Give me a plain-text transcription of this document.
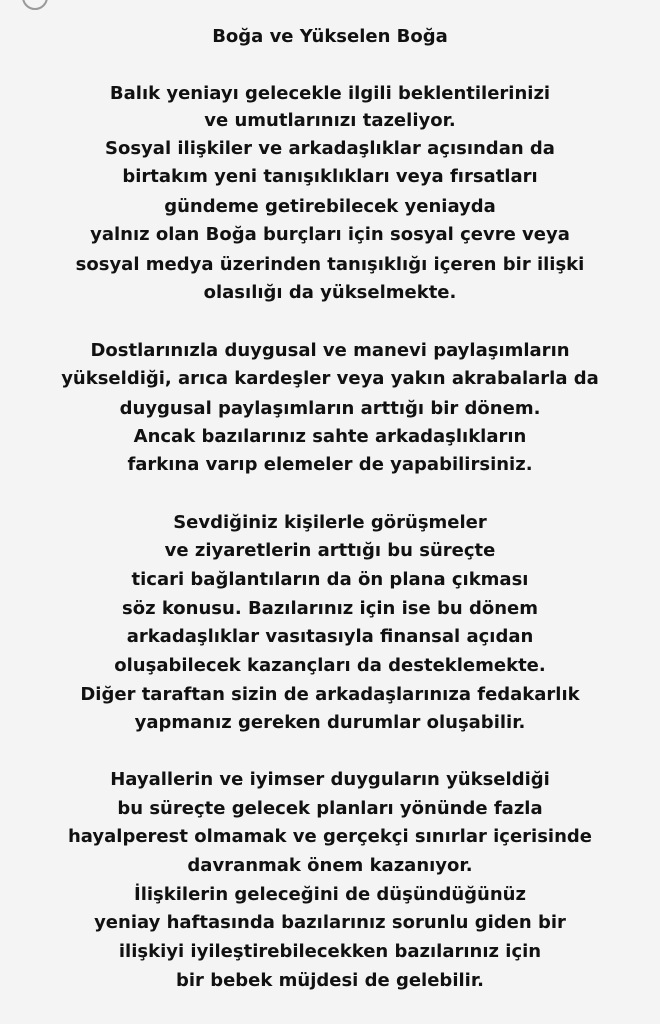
Boğa ve Yükselen Boğa
Balık yeniayı gelecekle ilgili beklentilerinizi
ve umutlarınızı tazeliyor.
Sosyal ilişkiler ve arkadaşlıklar açısından da
birtakım yeni tanışıklıkları veya fırsatları
gündeme getirebilecek yeniayda
yalnız olan Boğa burçları için sosyal çevre veya
sosyal medya üzerinden tanışıklığı içeren bir ilişki
olasılığı da yükselmekte.
Dostlarınızla duygusal ve manevi paylaşımların
yükseldiği, arıca kardeşler veya yakın akrabalarla da
duygusal paylaşımların arttığı bir dönem.
Ancak bazılarınız sahte arkadaşlıkların
farkına varıp elemeler de yapabilirsiniz.
Sevdiğiniz kişilerle görüşmeler
ve ziyaretlerin arttığı bu süreçte
ticari bağlantıların da ön plana çıkması
söz konusu. Bazılarınız için ise bu dönem
arkadaşlıklar vasıtasıyla finansal açıdan
oluşabilecek kazançları da desteklemekte.
Diğer taraftan sizin de arkadaşlarınıza fedakarlık
yapmanız gereken durumlar oluşabilir.
Hayallerin ve iyimser duyguların yükseldiği
bu süreçte gelecek planları yönünde fazla
hayalperest olmamak ve gerçekçi sınırlar içerisinde
davranmak önem kazanıyor.
İlişkilerin geleceğini de düşündüğünüz
yeniay haftasında bazılarınız sorunlu giden bir
ilişkiyi iyileştirebilecekken bazılarınız için
bir bebek müjdesi de gelebilir.
